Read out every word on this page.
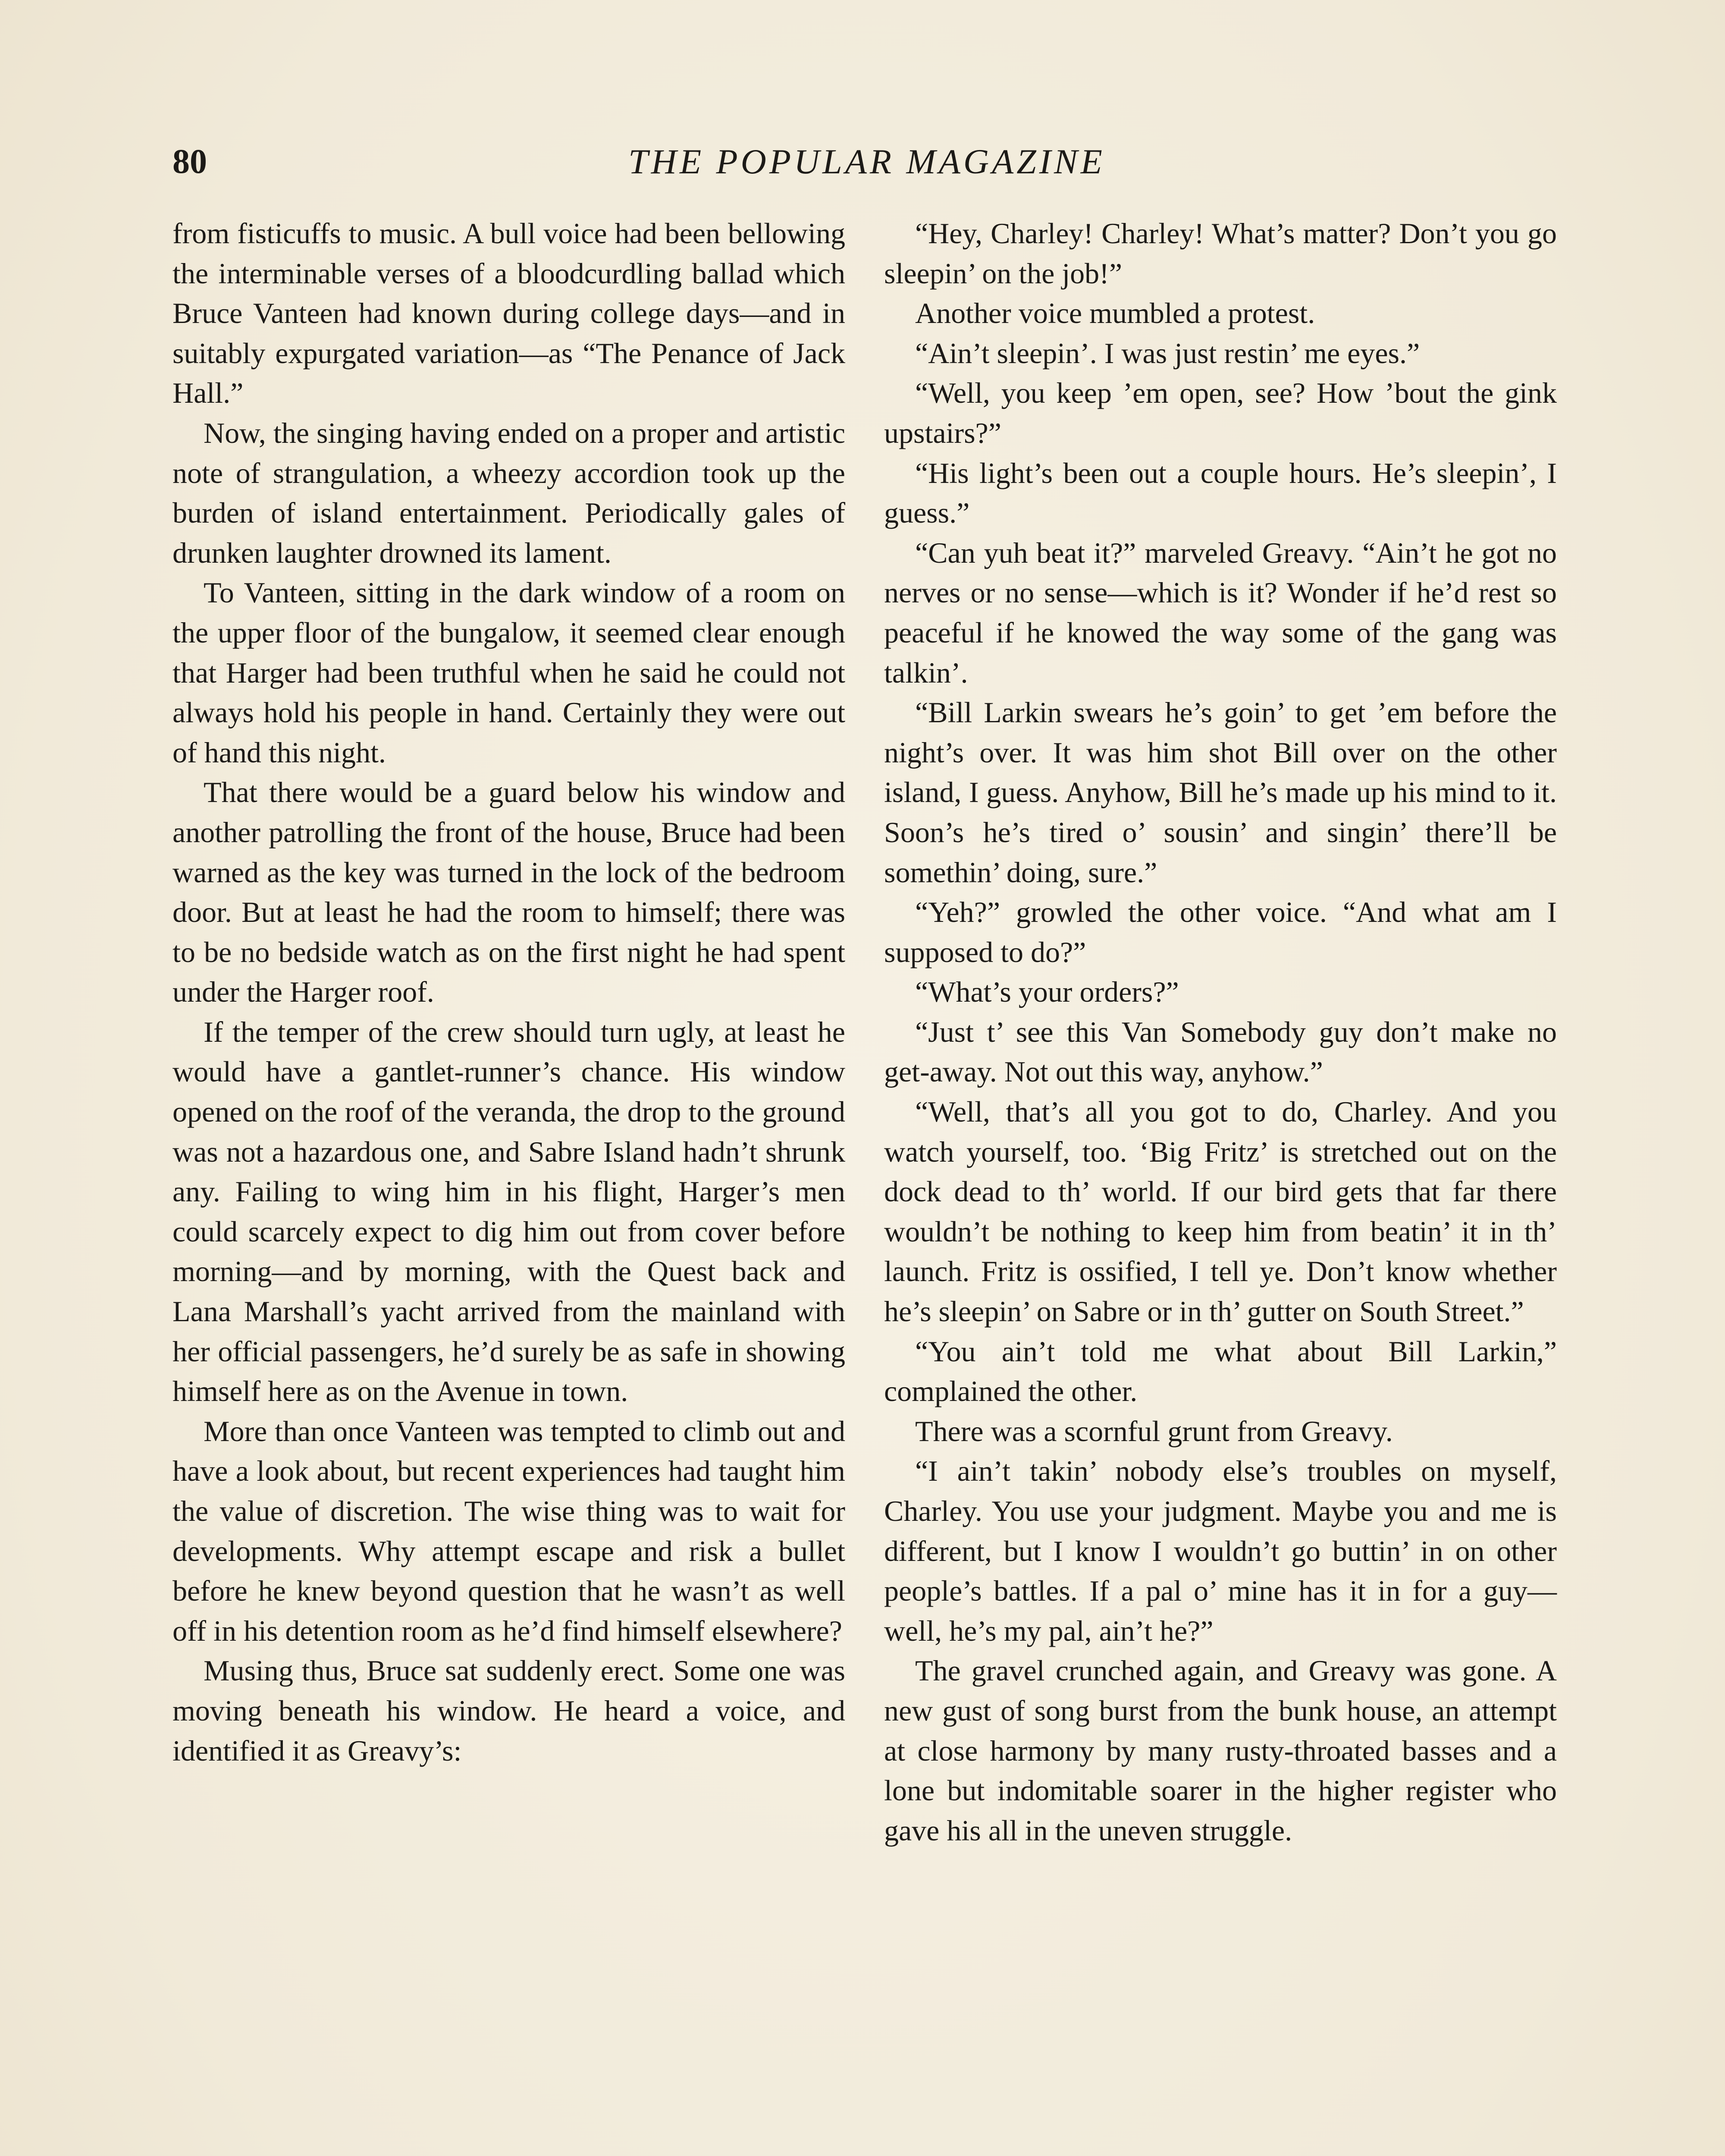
80	THE POPULAR MAGAZINE

from fisticuffs to music. A bull voice had been bellowing the interminable verses of a bloodcurdling ballad which Bruce Vanteen had known during college days—and in suitably expurgated variation—as “The Penance of Jack Hall.”

Now, the singing having ended on a proper and artistic note of strangulation, a wheezy accordion took up the burden of island entertainment. Periodically gales of drunken laughter drowned its lament.

To Vanteen, sitting in the dark window of a room on the upper floor of the bungalow, it seemed clear enough that Harger had been truthful when he said he could not always hold his people in hand. Certainly they were out of hand this night.

That there would be a guard below his window and another patrolling the front of the house, Bruce had been warned as the key was turned in the lock of the bedroom door. But at least he had the room to himself; there was to be no bedside watch as on the first night he had spent under the Harger roof.

If the temper of the crew should turn ugly, at least he would have a gantlet-runner’s chance. His window opened on the roof of the veranda, the drop to the ground was not a hazardous one, and Sabre Island hadn’t shrunk any. Failing to wing him in his flight, Harger’s men could scarcely expect to dig him out from cover before morning—and by morning, with the Quest back and Lana Marshall’s yacht arrived from the mainland with her official passengers, he’d surely be as safe in showing himself here as on the Avenue in town.

More than once Vanteen was tempted to climb out and have a look about, but recent experiences had taught him the value of discretion. The wise thing was to wait for developments. Why attempt escape and risk a bullet before he knew beyond question that he wasn’t as well off in his detention room as he’d find himself elsewhere?

Musing thus, Bruce sat suddenly erect. Some one was moving beneath his window. He heard a voice, and identified it as Greavy’s:

“Hey, Charley! Charley! What’s matter? Don’t you go sleepin’ on the job!”

Another voice mumbled a protest.

“Ain’t sleepin’. I was just restin’ me eyes.”

“Well, you keep ’em open, see? How ’bout the gink upstairs?”

“His light’s been out a couple hours. He’s sleepin’, I guess.”

“Can yuh beat it?” marveled Greavy. “Ain’t he got no nerves or no sense—which is it? Wonder if he’d rest so peaceful if he knowed the way some of the gang was talkin’.

“Bill Larkin swears he’s goin’ to get ’em before the night’s over. It was him shot Bill over on the other island, I guess. Anyhow, Bill he’s made up his mind to it. Soon’s he’s tired o’ sousin’ and singin’ there’ll be somethin’ doing, sure.”

“Yeh?” growled the other voice. “And what am I supposed to do?”

“What’s your orders?”

“Just t’ see this Van Somebody guy don’t make no get-away. Not out this way, anyhow.”

“Well, that’s all you got to do, Charley. And you watch yourself, too. ‘Big Fritz’ is stretched out on the dock dead to th’ world. If our bird gets that far there wouldn’t be nothing to keep him from beatin’ it in th’ launch. Fritz is ossified, I tell ye. Don’t know whether he’s sleepin’ on Sabre or in th’ gutter on South Street.”

“You ain’t told me what about Bill Larkin,” complained the other.

There was a scornful grunt from Greavy.

“I ain’t takin’ nobody else’s troubles on myself, Charley. You use your judgment. Maybe you and me is different, but I know I wouldn’t go buttin’ in on other people’s battles. If a pal o’ mine has it in for a guy—well, he’s my pal, ain’t he?”

The gravel crunched again, and Greavy was gone. A new gust of song burst from the bunk house, an attempt at close harmony by many rusty-throated basses and a lone but indomitable soarer in the higher register who gave his all in the uneven struggle.
